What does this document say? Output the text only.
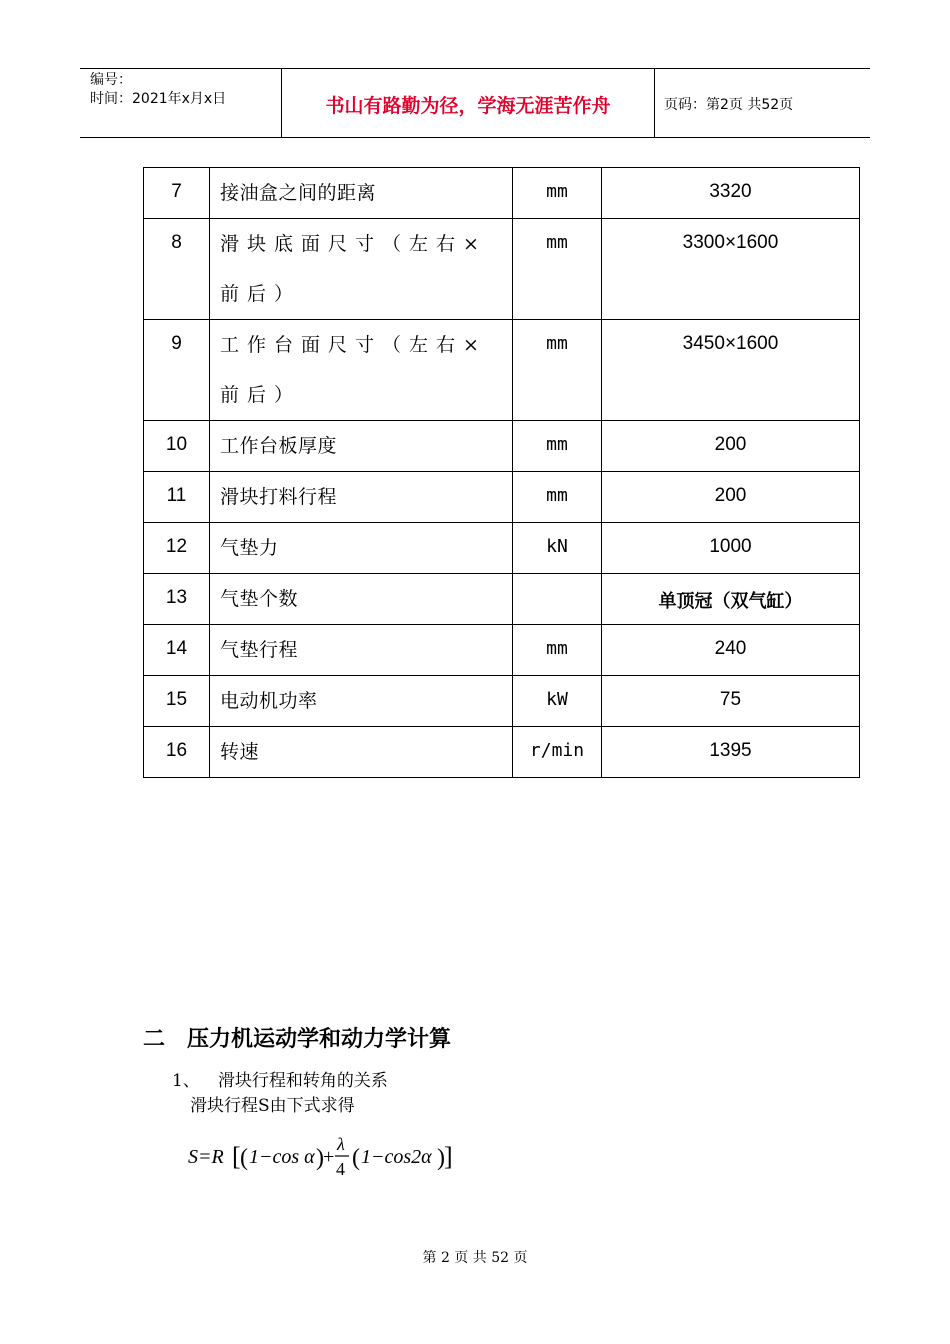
编号：
时间：2021年x月x日	书山有路勤为径，学海无涯苦作舟	页码：第2页 共52页
7	接油盒之间的距离	mm	3320
8	滑块底面尺寸（左右×前后）	mm	3300×1600
9	工作台面尺寸（左右×前后）	mm	3450×1600
10	工作台板厚度	mm	200
11	滑块打料行程	mm	200
12	气垫力	kN	1000
13	气垫个数		单顶冠（双气缸）
14	气垫行程	mm	240
15	电动机功率	kW	75
16	转速	r/min	1395
二 压力机运动学和动力学计算
1、 滑块行程和转角的关系
滑块行程S由下式求得
S=R [ ( 1−cos α ) +
λ
4 ( 1−cos2α ) ]
第 2 页 共 52 页
